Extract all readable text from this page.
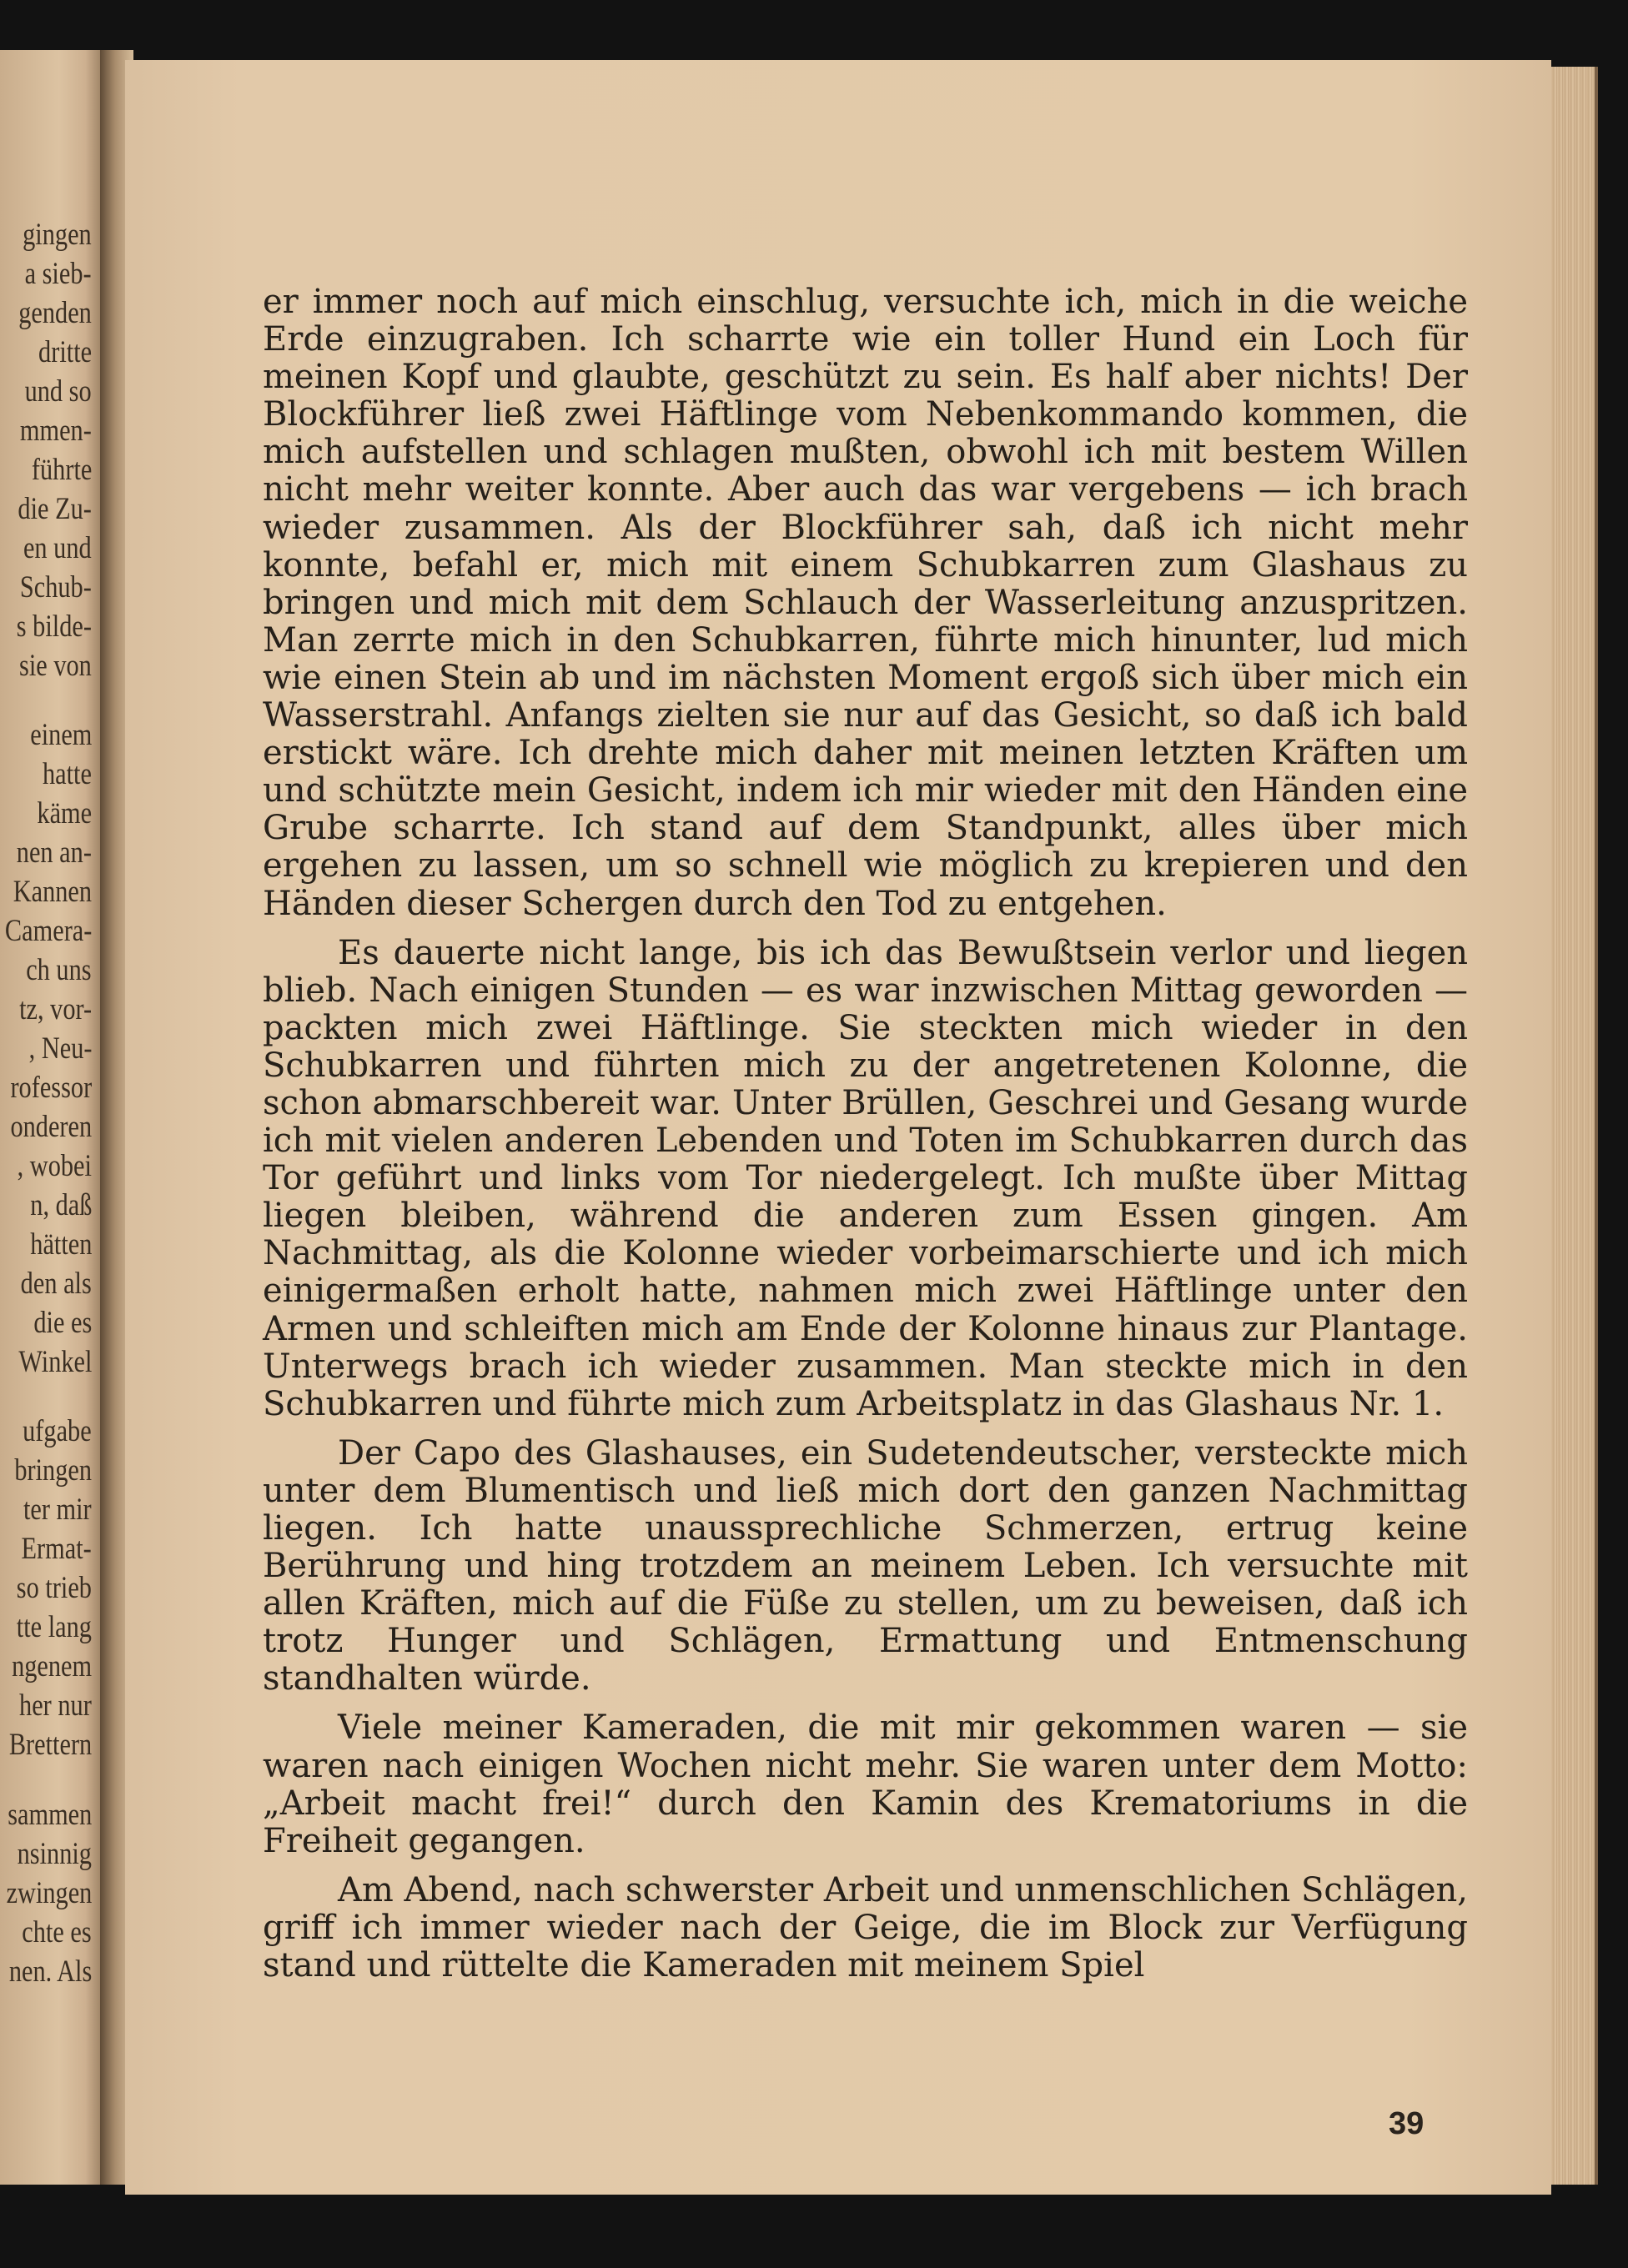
gingen
a sieb-
genden
dritte
und so
mmen-
führte
die Zu-
en und
Schub-
s bilde-
sie von
einem
hatte
käme
nen an-
Kannen
Camera-
ch uns
tz, vor-
, Neu-
rofessor
onderen
, wobei
n, daß
hätten
den als
die es
Winkel
ufgabe
bringen
ter mir
Ermat-
so trieb
tte lang
ngenem
her nur
Brettern
sammen
nsinnig
zwingen
chte es
nen. Als

er immer noch auf mich einschlug, versuchte ich, mich in die weiche Erde einzugraben. Ich scharrte wie ein toller Hund ein Loch für meinen Kopf und glaubte, geschützt zu sein. Es half aber nichts! Der Blockführer ließ zwei Häftlinge vom Nebenkommando kommen, die mich aufstellen und schlagen mußten, obwohl ich mit bestem Willen nicht mehr weiter konnte. Aber auch das war vergebens — ich brach wieder zusammen. Als der Blockführer sah, daß ich nicht mehr konnte, befahl er, mich mit einem Schubkarren zum Glashaus zu bringen und mich mit dem Schlauch der Wasserleitung anzuspritzen. Man zerrte mich in den Schubkarren, führte mich hinunter, lud mich wie einen Stein ab und im nächsten Moment ergoß sich über mich ein Wasserstrahl. Anfangs zielten sie nur auf das Gesicht, so daß ich bald erstickt wäre. Ich drehte mich daher mit meinen letzten Kräften um und schützte mein Gesicht, indem ich mir wieder mit den Händen eine Grube scharrte. Ich stand auf dem Standpunkt, alles über mich ergehen zu lassen, um so schnell wie möglich zu krepieren und den Händen dieser Schergen durch den Tod zu entgehen.

Es dauerte nicht lange, bis ich das Bewußtsein verlor und liegen blieb. Nach einigen Stunden — es war inzwischen Mittag geworden — packten mich zwei Häftlinge. Sie steckten mich wieder in den Schubkarren und führten mich zu der angetretenen Kolonne, die schon abmarschbereit war. Unter Brüllen, Geschrei und Gesang wurde ich mit vielen anderen Lebenden und Toten im Schubkarren durch das Tor geführt und links vom Tor niedergelegt. Ich mußte über Mittag liegen bleiben, während die anderen zum Essen gingen. Am Nachmittag, als die Kolonne wieder vorbeimarschierte und ich mich einigermaßen erholt hatte, nahmen mich zwei Häftlinge unter den Armen und schleiften mich am Ende der Kolonne hinaus zur Plantage. Unterwegs brach ich wieder zusammen. Man steckte mich in den Schubkarren und führte mich zum Arbeitsplatz in das Glashaus Nr. 1.

Der Capo des Glashauses, ein Sudetendeutscher, versteckte mich unter dem Blumentisch und ließ mich dort den ganzen Nachmittag liegen. Ich hatte unaussprechliche Schmerzen, ertrug keine Berührung und hing trotzdem an meinem Leben. Ich versuchte mit allen Kräften, mich auf die Füße zu stellen, um zu beweisen, daß ich trotz Hunger und Schlägen, Ermattung und Entmenschung standhalten würde.

Viele meiner Kameraden, die mit mir gekommen waren — sie waren nach einigen Wochen nicht mehr. Sie waren unter dem Motto: „Arbeit macht frei!“ durch den Kamin des Krematoriums in die Freiheit gegangen.

Am Abend, nach schwerster Arbeit und unmenschlichen Schlägen, griff ich immer wieder nach der Geige, die im Block zur Verfügung stand und rüttelte die Kameraden mit meinem Spiel

39
